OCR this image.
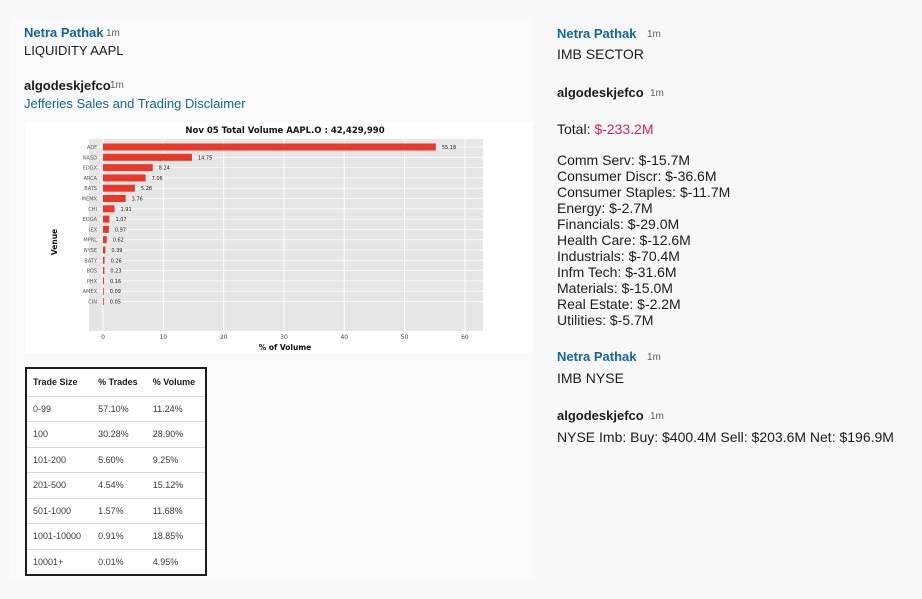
Netra Pathak 1m
LIQUIDITY AAPL
algodeskjefco 1m
Jefferies Sales and Trading Disclaimer
0	10	20	30	40	50	60
ADF	55.18
NASD	14.75
EDGX	8.24
ARCA	7.06
BATS	5.28
MEMX	3.76
CHI	1.91
EDGA	1.07
IEX	0.97
MPRL	0.62
NYSE	0.39
BATY	0.26
BOS	0.23
PHX	0.16
AMEX	0.09
CIN	0.05
Nov 05 Total Volume AAPL.O : 42,429,990
% of Volume
Venue
Trade Size	% Trades	% Volume
0-99	57.10%	11.24%
100	30.28%	28.90%
101-200	5.60%	9.25%
201-500	4.54%	15.12%
501-1000	1.57%	11.68%
1001-10000	0.91%	18.85%
10001+	0.01%	4.95%
Netra Pathak 1m
IMB SECTOR
algodeskjefco 1m
Total: $-233.2M
Comm Serv: $-15.7M
Consumer Discr: $-36.6M
Consumer Staples: $-11.7M
Energy: $-2.7M
Financials: $-29.0M
Health Care: $-12.6M
Industrials: $-70.4M
Infm Tech: $-31.6M
Materials: $-15.0M
Real Estate: $-2.2M
Utilities: $-5.7M
Netra Pathak 1m
IMB NYSE
algodeskjefco 1m
NYSE Imb: Buy: $400.4M Sell: $203.6M Net: $196.9M
